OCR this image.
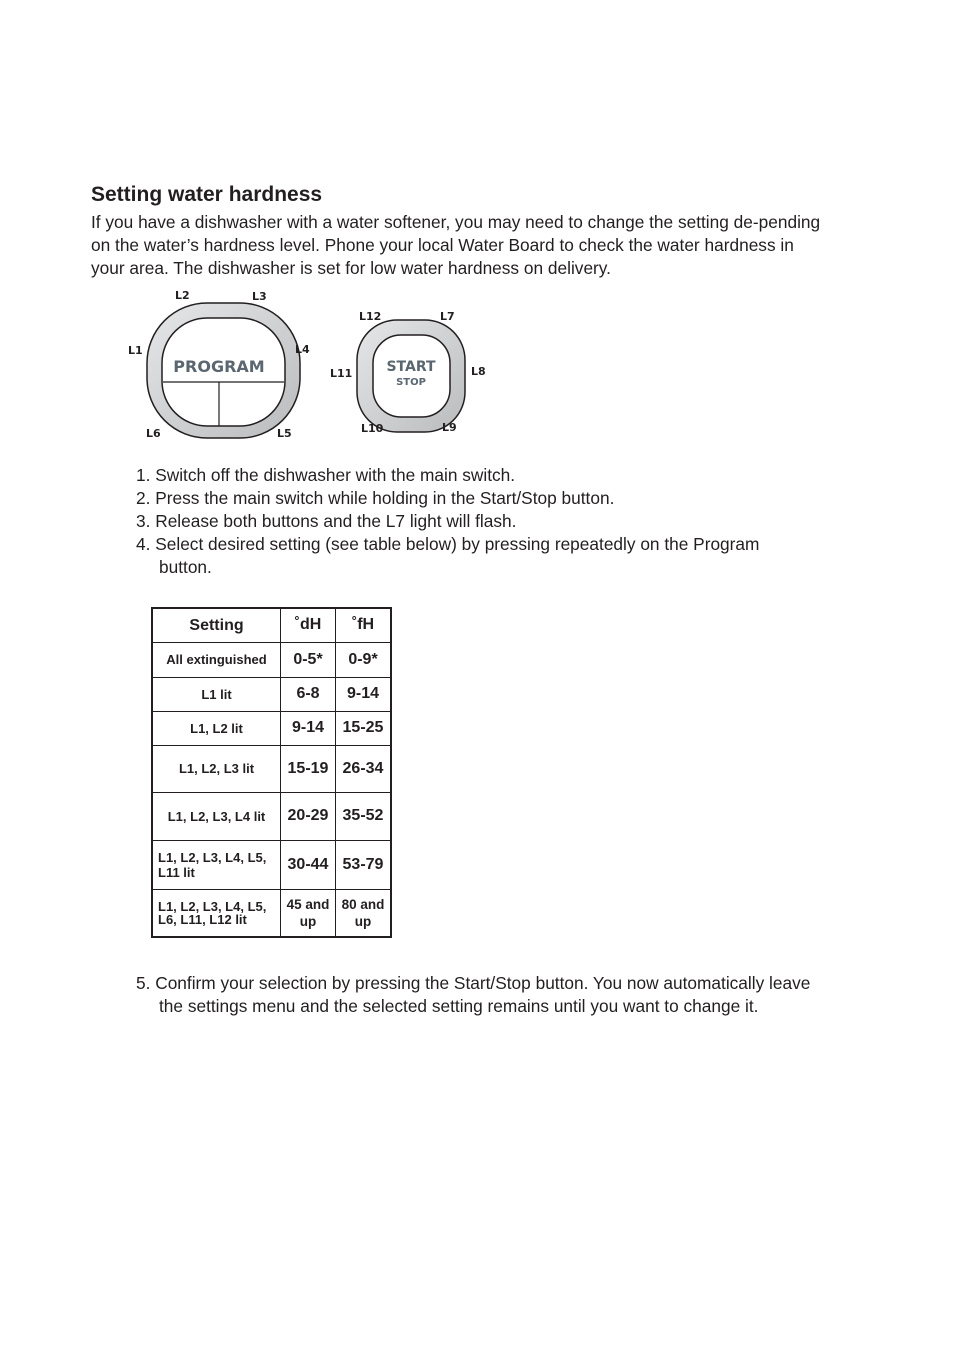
Setting water hardness
If you have a dishwasher with a water softener, you may need to change the setting de-pending on the water’s hardness level. Phone your local Water Board to check the water hardness in your area. The dishwasher is set for low water hardness on delivery.
PROGRAM	START
STOP
L1
L2	L3
L4
L5
L6
L7
L8
L9
L10
L11
L12
1. Switch off the dishwasher with the main switch.
2. Press the main switch while holding in the Start/Stop button.
3. Release both buttons and the L7 light will flash.
4. Select desired setting (see table below) by pressing repeatedly on the Program
button.
Setting	˚dH	˚fH
All extinguished	0-5*	0-9*
L1 lit	6-8	9-14
L1, L2 lit	9-14	15-25
L1, L2, L3 lit	15-19	26-34
L1, L2, L3, L4 lit	20-29	35-52
L1, L2, L3, L4, L5, L11 lit	30-44	53-79
L1, L2, L3, L4, L5, L6, L11, L12 lit	45 and up	80 and up
5. Confirm your selection by pressing the Start/Stop button. You now automatically leave
the settings menu and the selected setting remains until you want to change it.
